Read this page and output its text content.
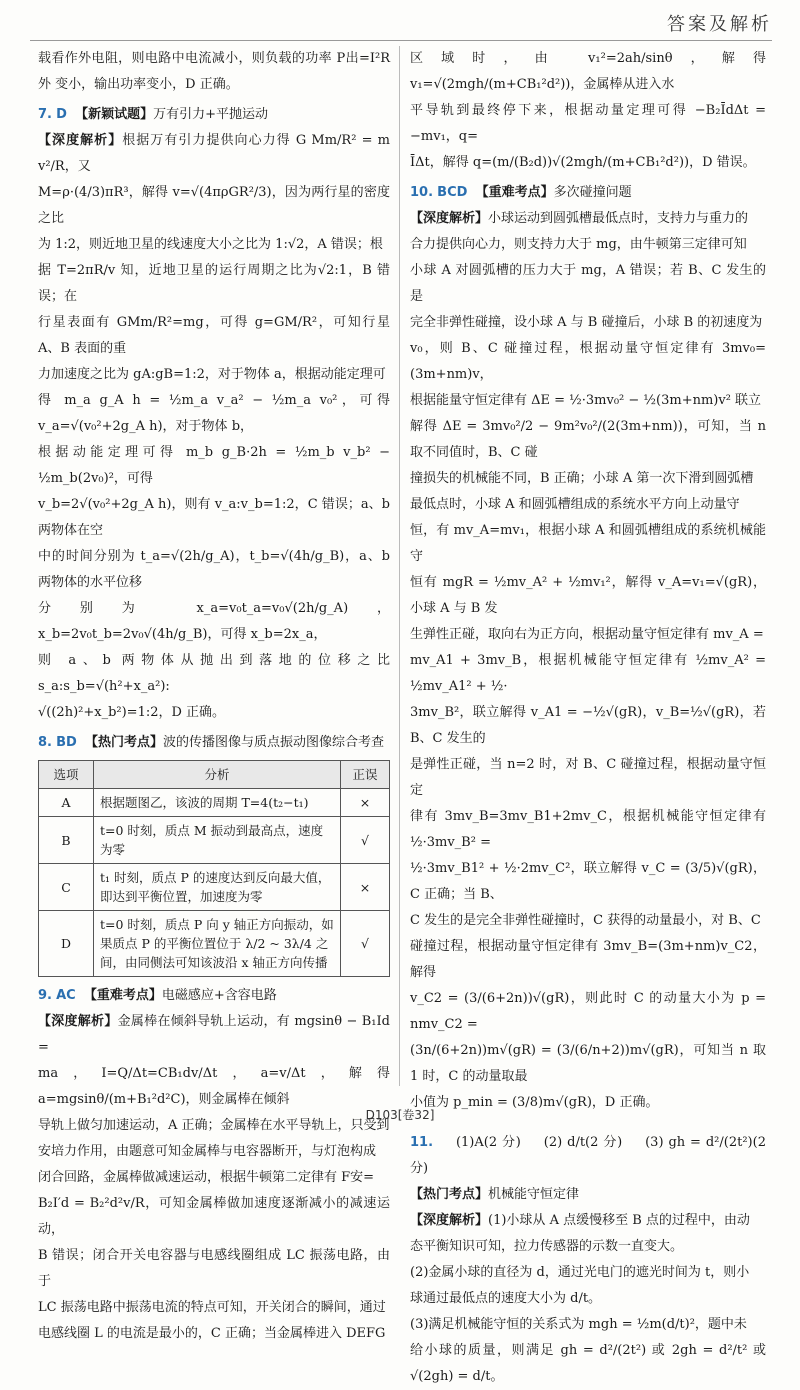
答案及解析

载看作外电阻，则电路中电流减小，则负载的功率 P出=I²R外 变小，输出功率变小，D 正确。

7. D 【新颖试题】万有引力+平抛运动

【深度解析】根据万有引力提供向心力得 G Mm/R² = m v²/R，又

M=ρ·(4/3)πR³，解得 v=√(4πρGR²/3)，因为两行星的密度之比

为 1:2，则近地卫星的线速度大小之比为 1:√2，A 错误；根

据 T=2πR/v 知，近地卫星的运行周期之比为√2:1，B 错误；在

行星表面有 GMm/R²=mg，可得 g=GM/R²，可知行星 A、B 表面的重

力加速度之比为 gA:gB=1:2，对于物体 a，根据动能定理可

得 m_a g_A h = ½m_a v_a² − ½m_a v₀²，可得 v_a=√(v₀²+2g_A h)，对于物体 b，

根据动能定理可得 m_b g_B·2h = ½m_b v_b² − ½m_b(2v₀)²，可得

v_b=2√(v₀²+2g_A h)，则有 v_a:v_b=1:2，C 错误；a、b 两物体在空

中的时间分别为 t_a=√(2h/g_A)，t_b=√(4h/g_B)，a、b 两物体的水平位移

分别为 x_a=v₀t_a=v₀√(2h/g_A)，x_b=2v₀t_b=2v₀√(4h/g_B)，可得 x_b=2x_a，

则 a、b 两物体从抛出到落地的位移之比 s_a:s_b=√(h²+x_a²):

√((2h)²+x_b²)=1:2，D 正确。

8. BD 【热门考点】波的传播图像与质点振动图像综合考查

选项	分析	正误
A	根据题图乙，该波的周期 T=4(t₂−t₁)	×
B	t=0 时刻，质点 M 振动到最高点，速度为零	√
C	t₁ 时刻，质点 P 的速度达到反向最大值，即达到平衡位置，加速度为零	×
D	t=0 时刻，质点 P 向 y 轴正方向振动，如果质点 P 的平衡位置位于 λ/2 ~ 3λ/4 之间，由同侧法可知该波沿 x 轴正方向传播	√

9. AC 【重难考点】电磁感应+含容电路

【深度解析】金属棒在倾斜导轨上运动，有 mgsinθ − B₁Id =

ma，I=Q/Δt=CB₁dv/Δt，a=v/Δt，解得 a=mgsinθ/(m+B₁²d²C)，则金属棒在倾斜

导轨上做匀加速运动，A 正确；金属棒在水平导轨上，只受到

安培力作用，由题意可知金属棒与电容器断开，与灯泡构成

闭合回路，金属棒做减速运动，根据牛顿第二定律有 F安=

B₂I′d = B₂²d²v/R，可知金属棒做加速度逐渐减小的减速运动，

B 错误；闭合开关电容器与电感线圈组成 LC 振荡电路，由于

LC 振荡电路中振荡电流的特点可知，开关闭合的瞬间，通过

电感线圈 L 的电流是最小的，C 正确；当金属棒进入 DEFG

区域时，由 v₁²=2ah/sinθ，解得 v₁=√(2mgh/(m+CB₁²d²))，金属棒从进入水

平导轨到最终停下来，根据动量定理可得 −B₂ĪdΔt = −mv₁，q=

ĪΔt，解得 q=(m/(B₂d))√(2mgh/(m+CB₁²d²))，D 错误。

10. BCD 【重难考点】多次碰撞问题

【深度解析】小球运动到圆弧槽最低点时，支持力与重力的

合力提供向心力，则支持力大于 mg，由牛顿第三定律可知

小球 A 对圆弧槽的压力大于 mg，A 错误；若 B、C 发生的是

完全非弹性碰撞，设小球 A 与 B 碰撞后，小球 B 的初速度为

v₀，则 B、C 碰撞过程，根据动量守恒定律有 3mv₀=(3m+nm)v，

根据能量守恒定律有 ΔE = ½·3mv₀² − ½(3m+nm)v² 联立

解得 ΔE = 3mv₀²/2 − 9m²v₀²/(2(3m+nm))，可知，当 n 取不同值时，B、C 碰

撞损失的机械能不同，B 正确；小球 A 第一次下滑到圆弧槽

最低点时，小球 A 和圆弧槽组成的系统水平方向上动量守

恒，有 mv_A=mv₁，根据小球 A 和圆弧槽组成的系统机械能守

恒有 mgR = ½mv_A² + ½mv₁²，解得 v_A=v₁=√(gR)，小球 A 与 B 发

生弹性正碰，取向右为正方向，根据动量守恒定律有 mv_A =

mv_A1 + 3mv_B，根据机械能守恒定律有 ½mv_A² = ½mv_A1² + ½·

3mv_B²，联立解得 v_A1 = −½√(gR)，v_B=½√(gR)，若 B、C 发生的

是弹性正碰，当 n=2 时，对 B、C 碰撞过程，根据动量守恒定

律有 3mv_B=3mv_B1+2mv_C，根据机械能守恒定律有 ½·3mv_B² =

½·3mv_B1² + ½·2mv_C²，联立解得 v_C = (3/5)√(gR)，C 正确；当 B、

C 发生的是完全非弹性碰撞时，C 获得的动量最小，对 B、C

碰撞过程，根据动量守恒定律有 3mv_B=(3m+nm)v_C2，解得

v_C2 = (3/(6+2n))√(gR)，则此时 C 的动量大小为 p = nmv_C2 =

(3n/(6+2n))m√(gR) = (3/(6/n+2))m√(gR)，可知当 n 取 1 时，C 的动量取最

小值为 p_min = (3/8)m√(gR)，D 正确。

11. (1)A(2 分) (2) d/t(2 分) (3) gh = d²/(2t²)(2 分)

【热门考点】机械能守恒定律

【深度解析】(1)小球从 A 点缓慢移至 B 点的过程中，由动

态平衡知识可知，拉力传感器的示数一直变大。

(2)金属小球的直径为 d，通过光电门的遮光时间为 t，则小

球通过最低点的速度大小为 d/t。

(3)满足机械能守恒的关系式为 mgh = ½m(d/t)²，题中未

给小球的质量，则满足 gh = d²/(2t²) 或 2gh = d²/t² 或 √(2gh) = d/t。

D103[卷32]
